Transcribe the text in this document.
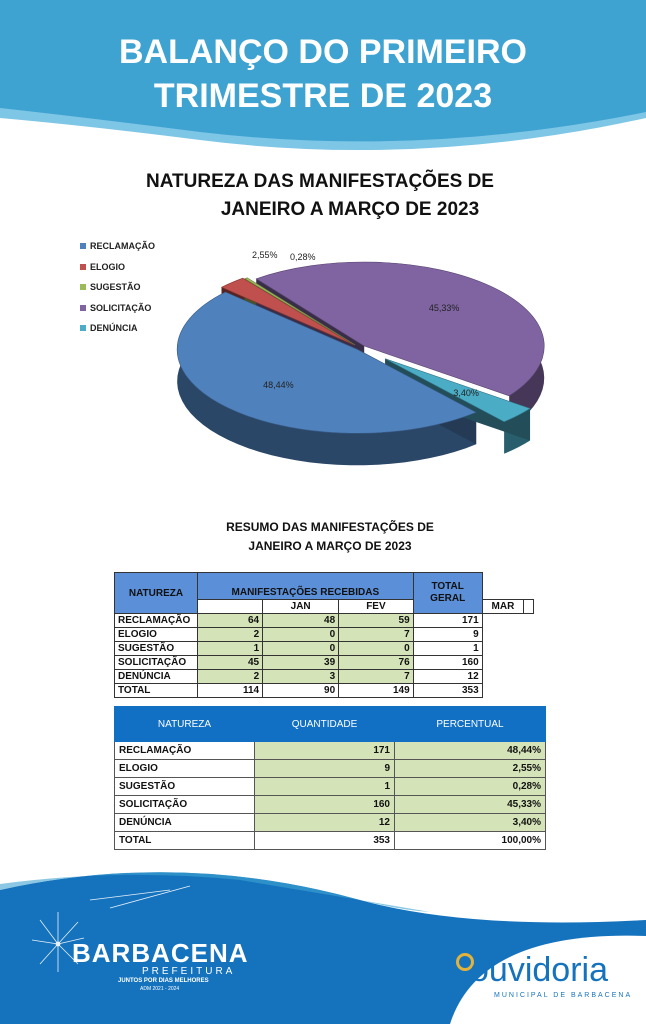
BALANÇO DO PRIMEIRO
TRIMESTRE DE 2023
NATUREZA DAS MANIFESTAÇÕES DE
JANEIRO A MARÇO DE 2023
RECLAMAÇÃO
ELOGIO
SUGESTÃO
SOLICITAÇÃO
DENÚNCIA
48,44%
2,55% 0,28%
45,33%
3,40%
RESUMO DAS MANIFESTAÇÕES DE
JANEIRO A MARÇO DE 2023
NATUREZA	MANIFESTAÇÕES RECEBIDAS			TOTAL
GERAL		
		JAN	FEV		MAR	
RECLAMAÇÃO	64	48	59	171		
ELOGIO	2	0	7	9		
SUGESTÃO	1	0	0	1		
SOLICITAÇÃO	45	39	76	160		
DENÚNCIA	2	3	7	12		
TOTAL	114	90	149	353		
NATUREZA	QUANTIDADE	PERCENTUAL
RECLAMAÇÃO	171	48,44%
ELOGIO	9	2,55%
SUGESTÃO	1	0,28%
SOLICITAÇÃO	160	45,33%
DENÚNCIA	12	3,40%
TOTAL	353	100,00%
BARBACENA
PREFEITURA
JUNTOS POR DIAS MELHORES
ADM 2021 - 2024	ouvidoria
MUNICIPAL DE BARBACENA
